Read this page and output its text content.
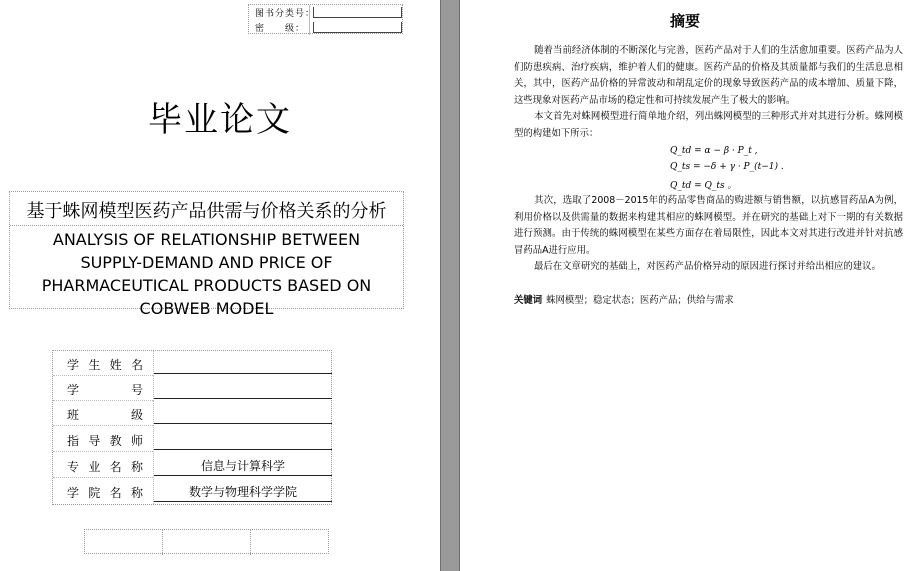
图书分类号：
密　　级：
毕业论文
基于蛛网模型医药产品供需与价格关系的分析
ANALYSIS OF RELATIONSHIP BETWEEN
SUPPLY-DEMAND AND PRICE OF
PHARMACEUTICAL PRODUCTS BASED ON
COBWEB MODEL
学生姓名
学号
班级
指导教师
专业名称	信息与计算科学
学院名称	数学与物理科学学院
摘要
随着当前经济体制的不断深化与完善，医药产品对于人们的生活愈加重要。医药产品为人们防患疾病、治疗疾病，维护着人们的健康。医药产品的价格及其质量都与我们的生活息息相关，其中，医药产品价格的异常波动和胡乱定价的现象导致医药产品的成本增加、质量下降，这些现象对医药产品市场的稳定性和可持续发展产生了极大的影响。
本文首先对蛛网模型进行简单地介绍，列出蛛网模型的三种形式并对其进行分析。蛛网模型的构建如下所示：
Q_td = α − β · P_t ,
Q_ts = −δ + γ · P_(t−1) .
Q_td = Q_ts 。
其次，选取了2008－2015年的药品零售商品的购进额与销售额，以抗感冒药品A为例，利用价格以及供需量的数据来构建其相应的蛛网模型。并在研究的基础上对下一期的有关数据进行预测。由于传统的蛛网模型在某些方面存在着局限性，因此本文对其进行改进并针对抗感冒药品A进行应用。
最后在文章研究的基础上，对医药产品价格异动的原因进行探讨并给出相应的建议。
关键词 蛛网模型；稳定状态；医药产品；供给与需求
